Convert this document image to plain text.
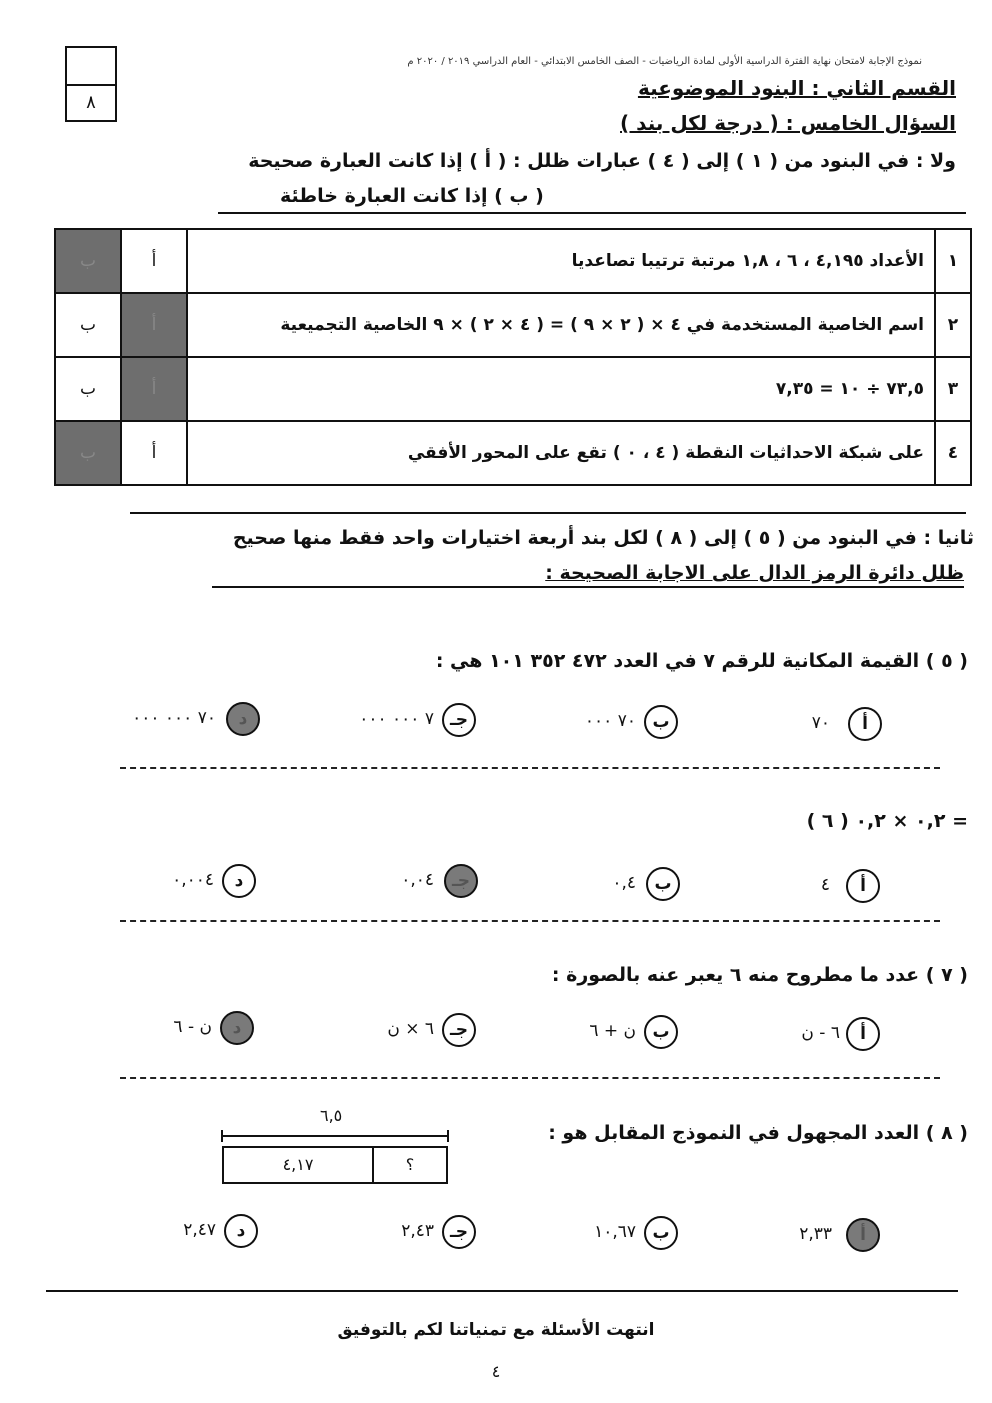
٨
نموذج الإجابة لامتحان نهاية الفترة الدراسية الأولى لمادة الرياضيات - الصف الخامس الابتدائي - العام الدراسي ٢٠١٩ / ٢٠٢٠ م
القسم الثاني : البنود الموضوعية
السؤال الخامس : ( درجة لكل بند )
ولا : في البنود من ( ١ ) إلى ( ٤ ) عبارات ظلل : ( أ ) إذا كانت العبارة صحيحة
( ب ) إذا كانت العبارة خاطئة
ب	أ	الأعداد ٤,١٩٥ ، ٦ ، ١,٨ مرتبة ترتيبا تصاعديا	١
ب	أ	اسم الخاصية المستخدمة في ٤ × ( ٢ × ٩ ) = ( ٤ × ٢ ) × ٩ الخاصية التجميعية	٢
ب	أ	٧٣,٥ ÷ ١٠ = ٧,٣٥	٣
ب	أ	على شبكة الاحداثيات النقطة ( ٤ ، ٠ ) تقع على المحور الأفقي	٤
ثانيا : في البنود من ( ٥ ) إلى ( ٨ ) لكل بند أربعة اختيارات واحد فقط منها صحيح
ظلل دائرة الرمز الدال على الاجابة الصحيحة :
( ٥ ) القيمة المكانية للرقم ٧ في العدد ٤٧٢ ٣٥٢ ١٠١ هي :
أ
٧٠
ب
٧٠ ٠٠٠
جـ
٧ ٠٠٠ ٠٠٠
د
٧٠ ٠٠٠ ٠٠٠
( ٦ ) ٠,٢ × ٠,٢ =
أ
٤
ب
٠,٤
جـ
٠,٠٤
د
٠,٠٠٤
( ٧ ) عدد ما مطروح منه ٦ يعبر عنه بالصورة :
أ
٦ - ن
ب
ن + ٦
جـ
٦ × ن
د
ن - ٦
( ٨ ) العدد المجهول في النموذج المقابل هو :
٦,٥
٤,١٧	؟
أ
٢,٣٣
ب
١٠,٦٧
جـ
٢,٤٣
د
٢,٤٧
انتهت الأسئلة مع تمنياتنا لكم بالتوفيق
٤
